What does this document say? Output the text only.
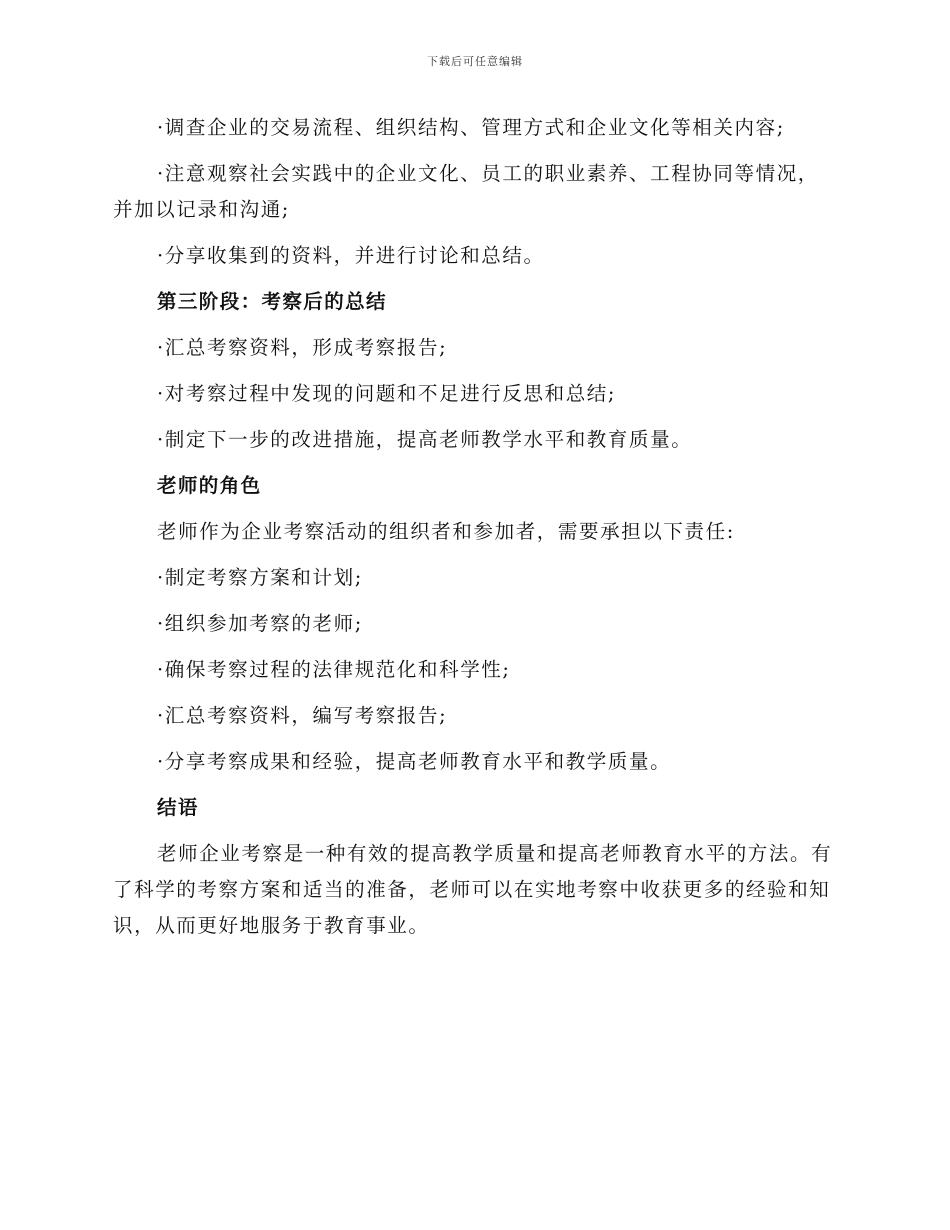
下载后可任意编辑

·调查企业的交易流程、组织结构、管理方式和企业文化等相关内容;

·注意观察社会实践中的企业文化、员工的职业素养、工程协同等情况，并加以记录和沟通;

·分享收集到的资料，并进行讨论和总结。

第三阶段：考察后的总结

·汇总考察资料，形成考察报告;

·对考察过程中发现的问题和不足进行反思和总结;

·制定下一步的改进措施，提高老师教学水平和教育质量。

老师的角色

老师作为企业考察活动的组织者和参加者，需要承担以下责任:

·制定考察方案和计划;

·组织参加考察的老师;

·确保考察过程的法律规范化和科学性;

·汇总考察资料，编写考察报告;

·分享考察成果和经验，提高老师教育水平和教学质量。

结语

老师企业考察是一种有效的提高教学质量和提高老师教育水平的方法。有了科学的考察方案和适当的准备，老师可以在实地考察中收获更多的经验和知识，从而更好地服务于教育事业。
